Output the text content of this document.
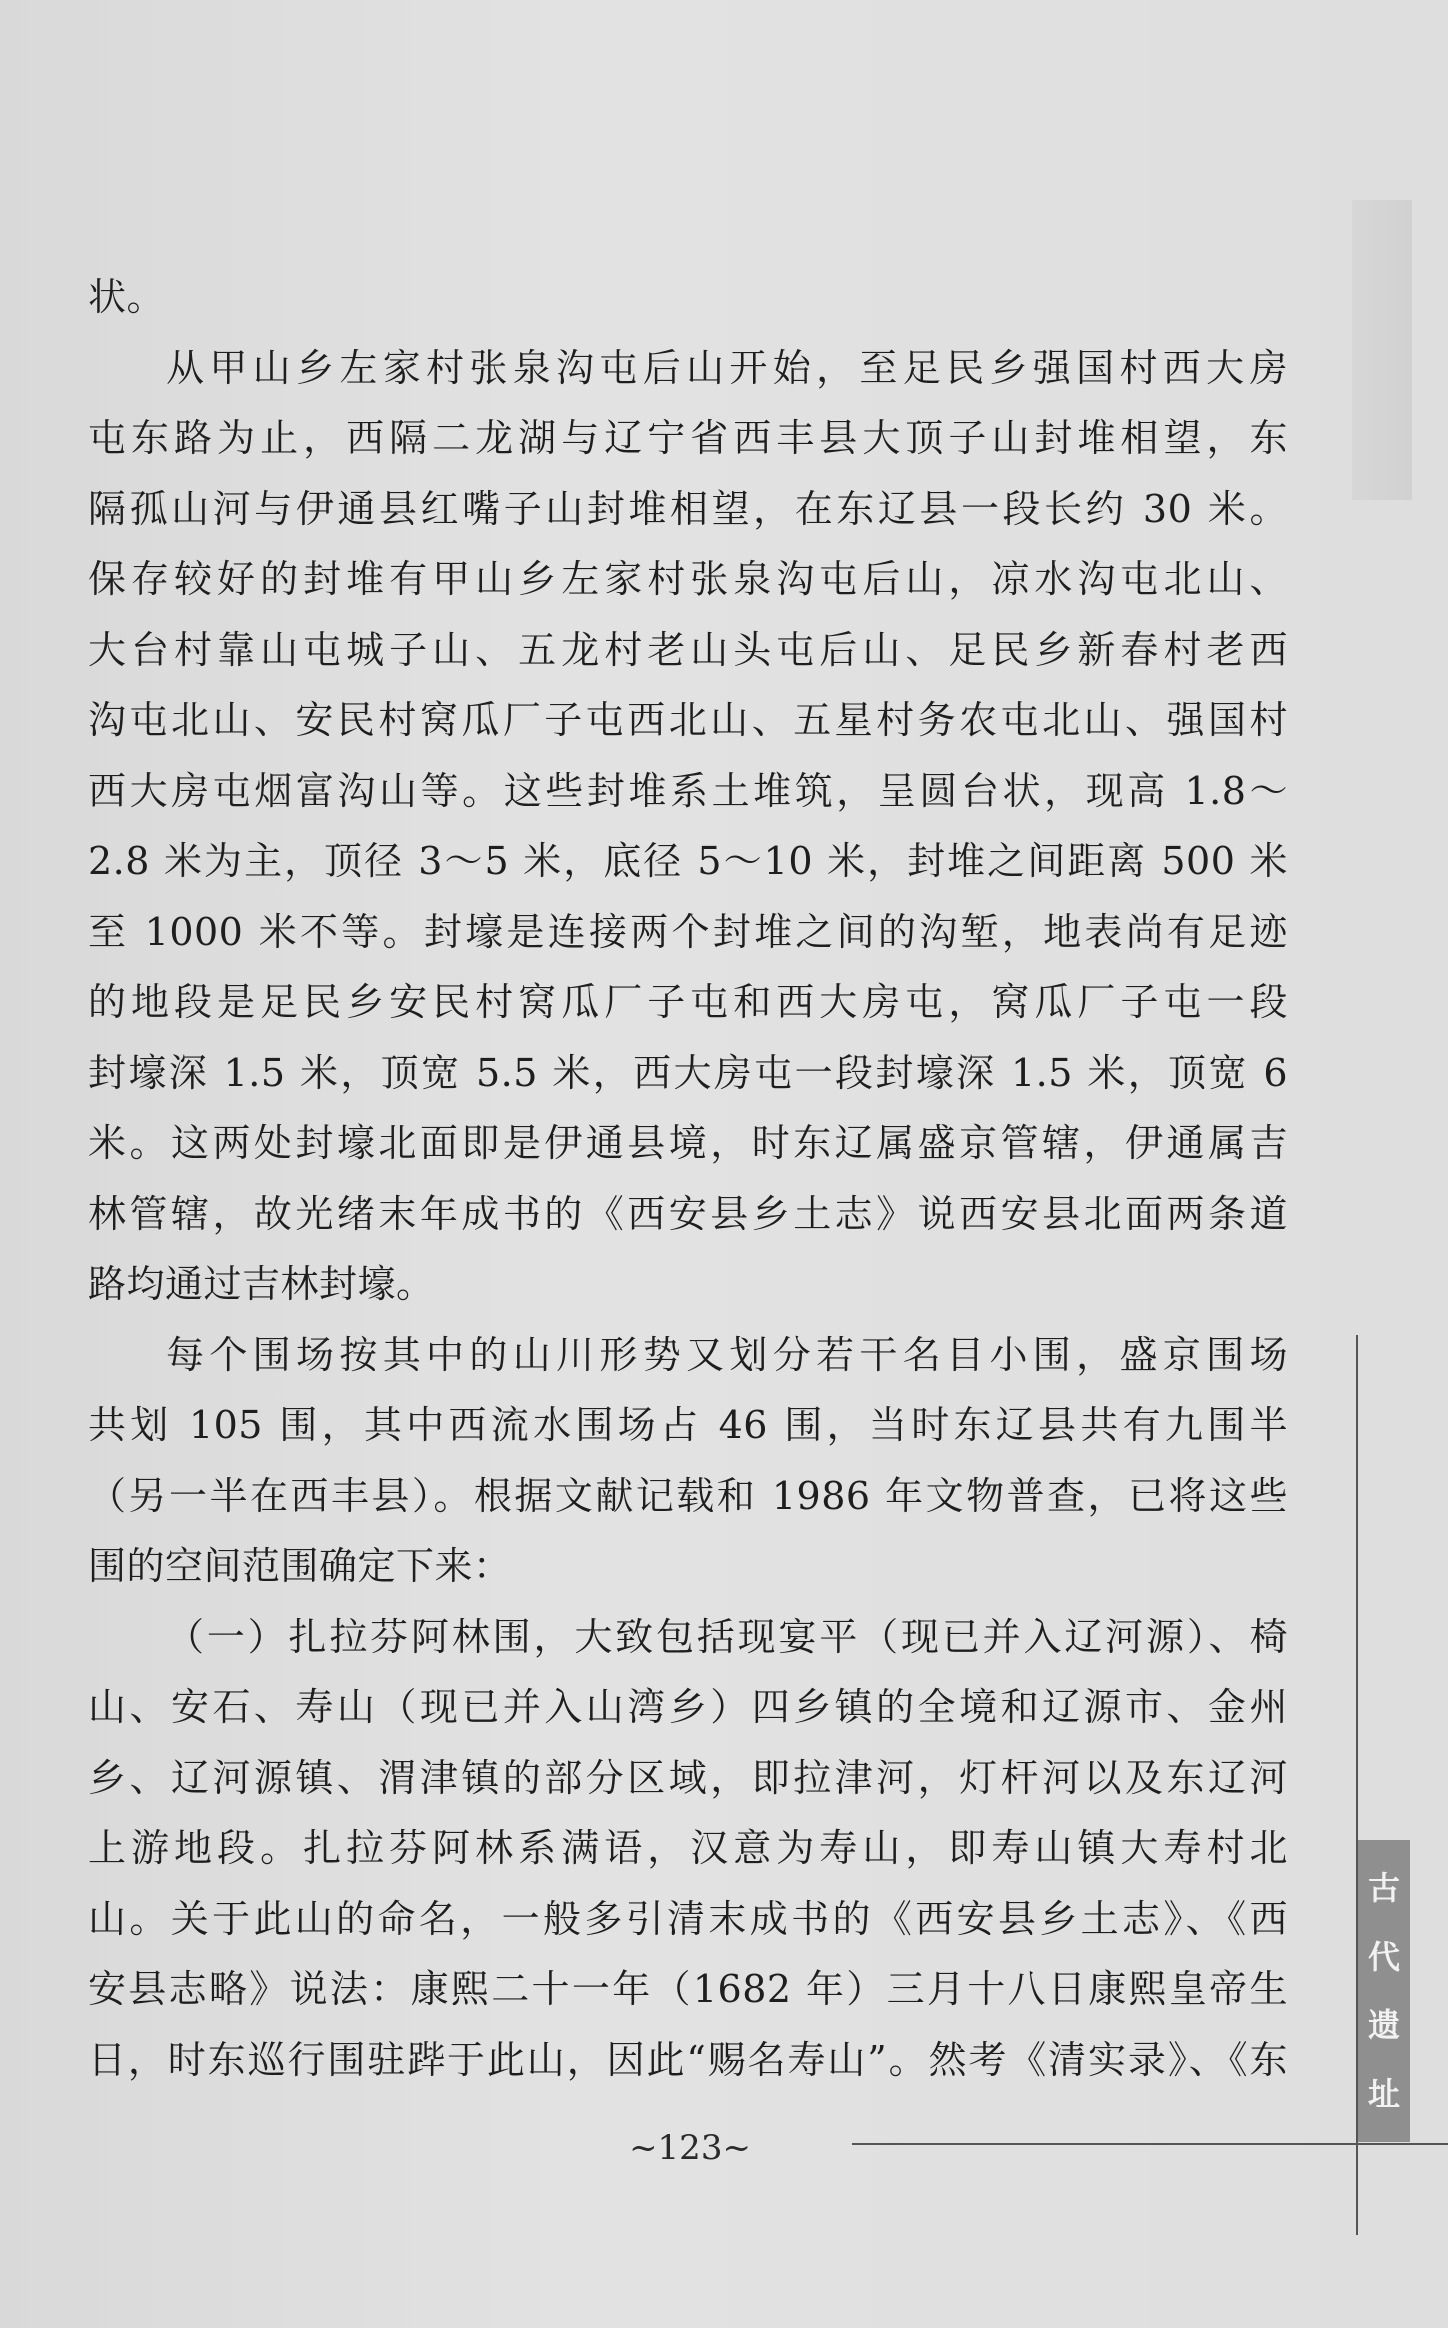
状。
从甲山乡左家村张泉沟屯后山开始，至足民乡强国村西大房
屯东路为止，西隔二龙湖与辽宁省西丰县大顶子山封堆相望，东
隔孤山河与伊通县红嘴子山封堆相望，在东辽县一段长约 30 米。
保存较好的封堆有甲山乡左家村张泉沟屯后山，凉水沟屯北山、
大台村靠山屯城子山、五龙村老山头屯后山、足民乡新春村老西
沟屯北山、安民村窝瓜厂子屯西北山、五星村务农屯北山、强国村
西大房屯烟富沟山等。这些封堆系土堆筑，呈圆台状，现高 1.8～
2.8 米为主，顶径 3～5 米，底径 5～10 米，封堆之间距离 500 米
至 1000 米不等。封壕是连接两个封堆之间的沟堑，地表尚有足迹
的地段是足民乡安民村窝瓜厂子屯和西大房屯，窝瓜厂子屯一段
封壕深 1.5 米，顶宽 5.5 米，西大房屯一段封壕深 1.5 米，顶宽 6
米。这两处封壕北面即是伊通县境，时东辽属盛京管辖，伊通属吉
林管辖，故光绪末年成书的《西安县乡土志》说西安县北面两条道
路均通过吉林封壕。
每个围场按其中的山川形势又划分若干名目小围，盛京围场
共划 105 围，其中西流水围场占 46 围，当时东辽县共有九围半
（另一半在西丰县）。根据文献记载和 1986 年文物普查，已将这些
围的空间范围确定下来：
（一）扎拉芬阿林围，大致包括现宴平（现已并入辽河源）、椅
山、安石、寿山（现已并入山湾乡）四乡镇的全境和辽源市、金州
乡、辽河源镇、渭津镇的部分区域，即拉津河，灯杆河以及东辽河
上游地段。扎拉芬阿林系满语，汉意为寿山，即寿山镇大寿村北
山。关于此山的命名，一般多引清末成书的《西安县乡土志》、《西
安县志略》说法：康熙二十一年（1682 年）三月十八日康熙皇帝生
日，时东巡行围驻跸于此山，因此“赐名寿山”。然考《清实录》、《东
~123~
古
代
遗
址
